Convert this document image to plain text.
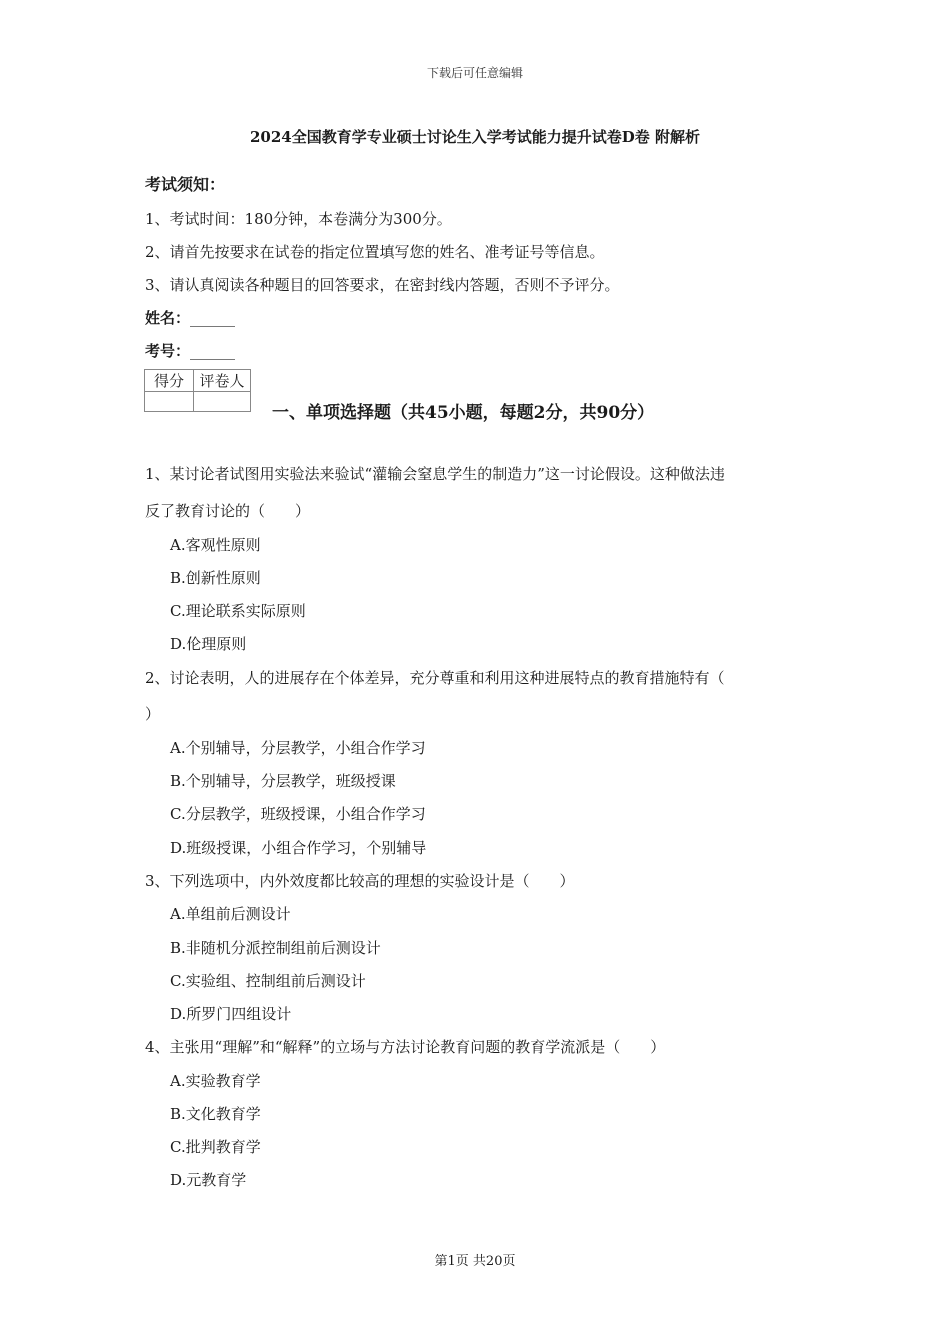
下载后可任意编辑
2024全国教育学专业硕士讨论生入学考试能力提升试卷D卷 附解析
考试须知：
1、考试时间：180分钟，本卷满分为300分。
2、请首先按要求在试卷的指定位置填写您的姓名、准考证号等信息。
3、请认真阅读各种题目的回答要求，在密封线内答题，否则不予评分。
姓名：______
考号：______
得分	评卷人

一、单项选择题（共45小题，每题2分，共90分）
1、某讨论者试图用实验法来验试“灌输会窒息学生的制造力”这一讨论假设。这种做法违
反了教育讨论的（　　）
A.客观性原则
B.创新性原则
C.理论联系实际原则
D.伦理原则
2、讨论表明，人的进展存在个体差异，充分尊重和利用这种进展特点的教育措施特有（
）
A.个别辅导，分层教学，小组合作学习
B.个别辅导，分层教学，班级授课
C.分层教学，班级授课，小组合作学习
D.班级授课，小组合作学习，个别辅导
3、下列选项中，内外效度都比较高的理想的实验设计是（　　）
A.单组前后测设计
B.非随机分派控制组前后测设计
C.实验组、控制组前后测设计
D.所罗门四组设计
4、主张用“理解”和“解释”的立场与方法讨论教育问题的教育学流派是（　　）
A.实验教育学
B.文化教育学
C.批判教育学
D.元教育学
第1页 共20页
